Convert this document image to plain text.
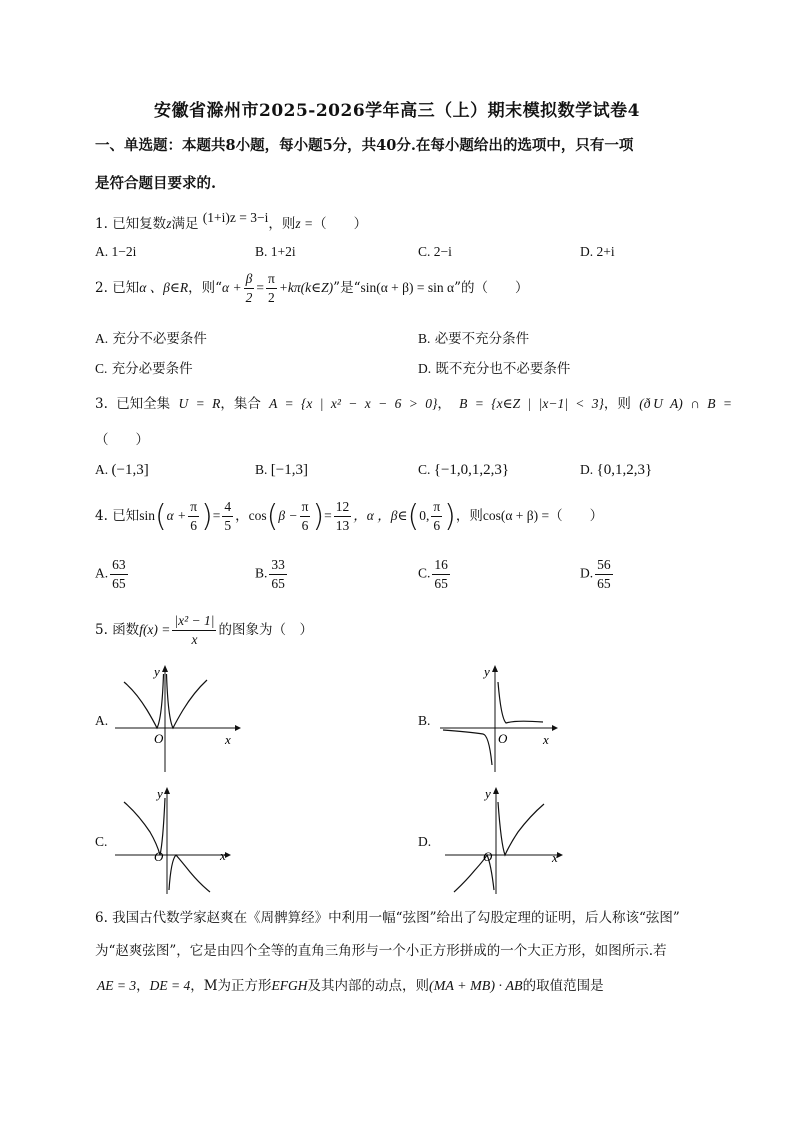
安徽省滁州市2025-2026学年高三（上）期末模拟数学试卷4
一、单选题：本题共8小题，每小题5分，共40分.在每小题给出的选项中，只有一项
是符合题目要求的.
1. 已知复数z满足 (1+i)z = 3−i，则z =（　　）
A. 1−2i	B. 1+2i	C. 2−i	D. 2+i
2. 已知α 、β∈R，则“$\alpha + \frac{\beta}{2} = \frac{\pi}{2}$ +kπ(k∈Z)”是“sin(α + β) = sin α”的（　　）
A. 充分不必要条件	B. 必要不充分条件
C. 充分必要条件	D. 既不充分也不必要条件
3. 已知全集 U = R，集合 A = {x | x² − x − 6 > 0}， B = {x∈Z | |x−1| < 3}，则 (ð U A) ∩ B =
（　　）
A. (−1,3]	B. [−1,3]	C. {−1,0,1,2,3}	D. {0,1,2,3}
4. 已知$\sin(\alpha + \frac{\pi}{6}$ )= $\frac{4}{5}$ ，$\cos(\beta - \frac{\pi}{6}$ )= $\frac{12}{13}$ ，α ，β∈(0, $\frac{\pi}{6}$ )，则cos(α + β) =（　　）
A. $\frac{63}{65}$	B. $\frac{33}{65}$	C. $\frac{16}{65}$	D. $\frac{56}{65}$
5. 函数$f(x) = \frac{\text{|x² − 1|}}{x}$ 的图象为（　）
A.
y
x
O
B.
y
x
O
C.
y
x
O
D.
y
x
O
6. 我国古代数学家赵爽在《周髀算经》中利用一幅“弦图”给出了勾股定理的证明，后人称该“弦图”
为“赵爽弦图”，它是由四个全等的直角三角形与一个小正方形拼成的一个大正方形，如图所示.若
AE = 3，DE = 4，M为正方形EFGH及其内部的动点，则(MA + MB) · AB的取值范围是
